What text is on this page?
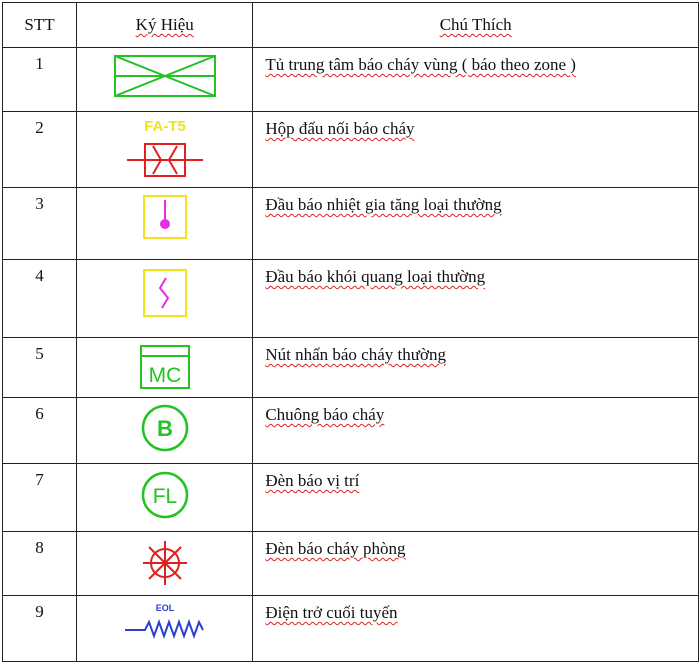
STT	Ký Hiệu	Chú Thích
1		Tủ trung tâm báo cháy vùng ( báo theo zone )
2	FA-T5	Hộp đấu nối báo cháy
3		Đầu báo nhiệt gia tăng loại thường
4		Đầu báo khói quang loại thường
5	MC	Nút nhấn báo cháy thường
6	B	Chuông báo cháy
7	FL	Đèn báo vị trí
8		Đèn báo cháy phòng
9	EOL	Điện trở cuối tuyến
